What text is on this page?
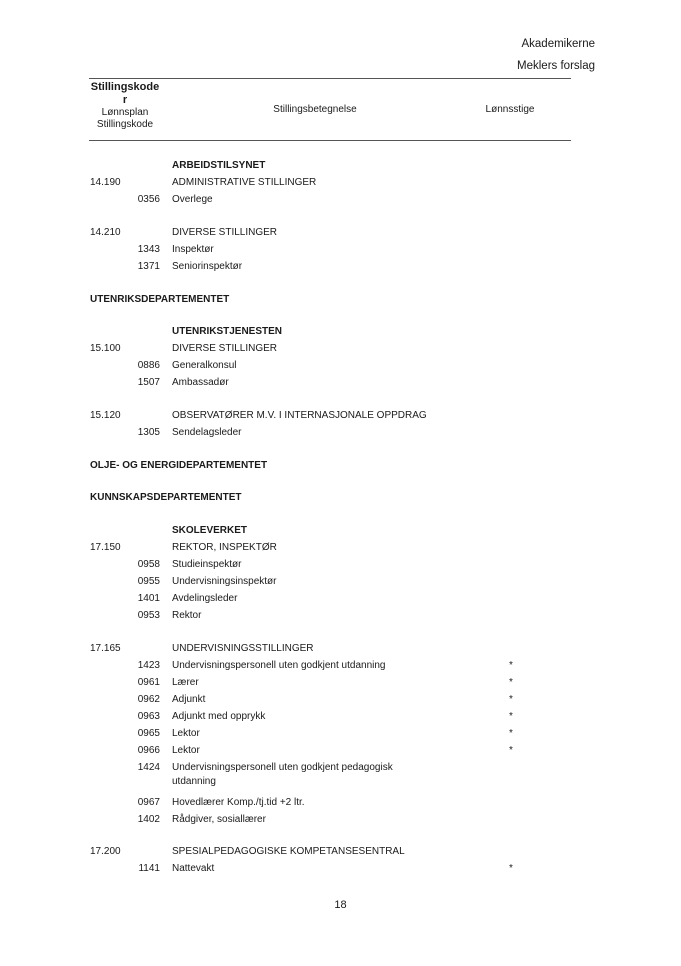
Akademikerne
Meklers forslag
Stillingskode
r
Lønnsplan
Stillingskode
Stillingsbetegnelse	Lønnsstige
ARBEIDSTILSYNET
14.190	ADMINISTRATIVE STILLINGER
0356 Overlege
14.210	DIVERSE STILLINGER
1343 Inspektør
1371 Seniorinspektør
UTENRIKSDEPARTEMENTET
UTENRIKSTJENESTEN
15.100	DIVERSE STILLINGER
0886 Generalkonsul
1507 Ambassadør
15.120	OBSERVATØRER M.V. I INTERNASJONALE OPPDRAG
1305 Sendelagsleder
OLJE- OG ENERGIDEPARTEMENTET
KUNNSKAPSDEPARTEMENTET
SKOLEVERKET
17.150	REKTOR, INSPEKTØR
0958 Studieinspektør
0955 Undervisningsinspektør
1401 Avdelingsleder
0953 Rektor
17.165	UNDERVISNINGSSTILLINGER
1423 Undervisningspersonell uten godkjent utdanning	*
0961 Lærer	*
0962 Adjunkt	*
0963 Adjunkt med opprykk	*
0965 Lektor	*
0966 Lektor	*
1424 Undervisningspersonell uten godkjent pedagogisk
utdanning
0967 Hovedlærer Komp./tj.tid +2 ltr.
1402 Rådgiver, sosiallærer
17.200	SPESIALPEDAGOGISKE KOMPETANSESENTRAL
1141 Nattevakt	*
18
